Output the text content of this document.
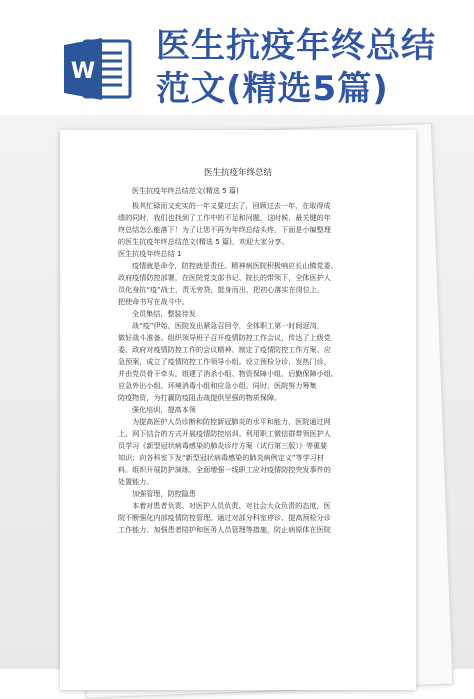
W
医生抗疫年终总结
范文(精选5篇)
医生抗疫年终总结

医生抗疫年终总结范文(精选 5 篇)

极其忙碌而又充实的一年又要过去了，回顾过去一年，在取得成

绩的同时，我们也找到了工作中的不足和问题，这时候，最关键的年

终总结怎么能落下！为了让您不再为年终总结头疼，下面是小编整理

的医生抗疫年终总结范文(精选 5 篇)，欢迎大家分享。

医生抗疫年终总结 1

疫情就是命令，防控就是责任。精神病医院积极响应长山镇党委、

政府疫情防控部署，在医院党支部书记、院长的带领下，全体医护人

员化身抗“疫”战士，责无旁贷，挺身而出，把初心落实在岗位上，

把使命书写在战斗中。

全员集结，整装待发

战“疫”伊始，医院发出紧急召回令，全体职工第一时间返岗，

做好战斗准备。组织领导班子召开疫情防控工作会议，传达了上级党

委、政府对疫情防控工作的会议精神。制定了疫情防控工作方案、应

急预案，成立了疫情防控工作领导小组。设立预检分诊，发热门诊，

并由党员骨干牵头，组建了消杀小组、物资保障小组、后勤保障小组、

应急外出小组、环境消毒小组和应急小组。同时，医院努力筹集

防疫物资，为打赢防疫阻击战提供坚强的物质保障。

强化培训，提高本领

为提高医护人员诊断和防控新冠肺炎的水平和能力，医院通过网

上、网下结合的方式开展疫情防控培训。利用职工微信群带领医护人

员学习《新型冠状病毒感染的肺炎诊疗方案（试行第三版）》等重要

知识；向各科室下发“新型冠状病毒感染的肺炎病例定义”等学习材

料。组织开展防护演练，全面增强一线职工应对疫情防控突发事件的

处置能力。

加强管理，防控隐患

本着对患者负责、对医护人员负责、对社会大众负责的态度，医

院不断强化内部疫情防控管理。通过对部分科室停诊、提高预检分诊

工作能力、加强患者陪护和医务人员管理等措施，防止病原体在医院
